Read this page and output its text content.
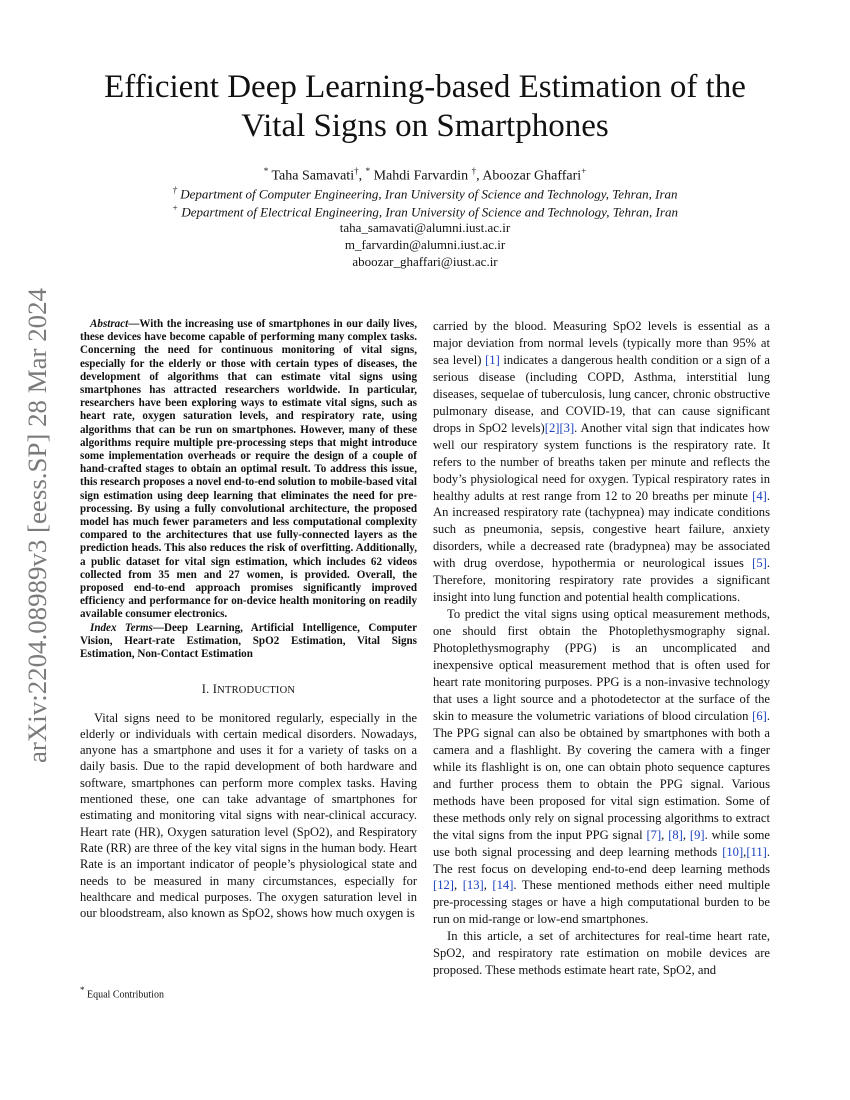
arXiv:2204.08989v3 [eess.SP] 28 Mar 2024
Efficient Deep Learning-based Estimation of the Vital Signs on Smartphones
* Taha Samavati†, * Mahdi Farvardin †, Aboozar Ghaffari+
† Department of Computer Engineering, Iran University of Science and Technology, Tehran, Iran
+ Department of Electrical Engineering, Iran University of Science and Technology, Tehran, Iran
taha_samavati@alumni.iust.ac.ir
m_farvardin@alumni.iust.ac.ir
aboozar_ghaffari@iust.ac.ir

Abstract—With the increasing use of smartphones in our daily lives, these devices have become capable of performing many complex tasks. Concerning the need for continuous monitoring of vital signs, especially for the elderly or those with certain types of diseases, the development of algorithms that can estimate vital signs using smartphones has attracted researchers worldwide. In particular, researchers have been exploring ways to estimate vital signs, such as heart rate, oxygen saturation levels, and respiratory rate, using algorithms that can be run on smartphones. However, many of these algorithms require multiple pre-processing steps that might introduce some implementation overheads or require the design of a couple of hand-crafted stages to obtain an optimal result. To address this issue, this research proposes a novel end-to-end solution to mobile-based vital sign estimation using deep learning that eliminates the need for pre-processing. By using a fully convolutional architecture, the proposed model has much fewer parameters and less computational complexity compared to the architectures that use fully-connected layers as the prediction heads. This also reduces the risk of overfitting. Additionally, a public dataset for vital sign estimation, which includes 62 videos collected from 35 men and 27 women, is provided. Overall, the proposed end-to-end approach promises significantly improved efficiency and performance for on-device health monitoring on readily available consumer electronics.

Index Terms—Deep Learning, Artificial Intelligence, Computer Vision, Heart-rate Estimation, SpO2 Estimation, Vital Signs Estimation, Non-Contact Estimation

I. INTRODUCTION

Vital signs need to be monitored regularly, especially in the elderly or individuals with certain medical disorders. Nowadays, anyone has a smartphone and uses it for a variety of tasks on a daily basis. Due to the rapid development of both hardware and software, smartphones can perform more complex tasks. Having mentioned these, one can take advantage of smartphones for estimating and monitoring vital signs with near-clinical accuracy. Heart rate (HR), Oxygen saturation level (SpO2), and Respiratory Rate (RR) are three of the key vital signs in the human body. Heart Rate is an important indicator of people’s physiological state and needs to be measured in many circumstances, especially for healthcare and medical purposes. The oxygen saturation level in our bloodstream, also known as SpO2, shows how much oxygen is

carried by the blood. Measuring SpO2 levels is essential as a major deviation from normal levels (typically more than 95% at sea level) [1] indicates a dangerous health condition or a sign of a serious disease (including COPD, Asthma, interstitial lung diseases, sequelae of tuberculosis, lung cancer, chronic obstructive pulmonary disease, and COVID-19, that can cause significant drops in SpO2 levels)[2][3]. Another vital sign that indicates how well our respiratory system functions is the respiratory rate. It refers to the number of breaths taken per minute and reflects the body’s physiological need for oxygen. Typical respiratory rates in healthy adults at rest range from 12 to 20 breaths per minute [4]. An increased respiratory rate (tachypnea) may indicate conditions such as pneumonia, sepsis, congestive heart failure, anxiety disorders, while a decreased rate (bradypnea) may be associated with drug overdose, hypothermia or neurological issues [5]. Therefore, monitoring respiratory rate provides a significant insight into lung function and potential health complications.

To predict the vital signs using optical measurement methods, one should first obtain the Photoplethysmography signal. Photoplethysmography (PPG) is an uncomplicated and inexpensive optical measurement method that is often used for heart rate monitoring purposes. PPG is a non-invasive technology that uses a light source and a photodetector at the surface of the skin to measure the volumetric variations of blood circulation [6]. The PPG signal can also be obtained by smartphones with both a camera and a flashlight. By covering the camera with a finger while its flashlight is on, one can obtain photo sequence captures and further process them to obtain the PPG signal. Various methods have been proposed for vital sign estimation. Some of these methods only rely on signal processing algorithms to extract the vital signs from the input PPG signal [7], [8], [9]. while some use both signal processing and deep learning methods [10],[11]. The rest focus on developing end-to-end deep learning methods [12], [13], [14]. These mentioned methods either need multiple pre-processing stages or have a high computational burden to be run on mid-range or low-end smartphones.

In this article, a set of architectures for real-time heart rate, SpO2, and respiratory rate estimation on mobile devices are proposed. These methods estimate heart rate, SpO2, and

* Equal Contribution
